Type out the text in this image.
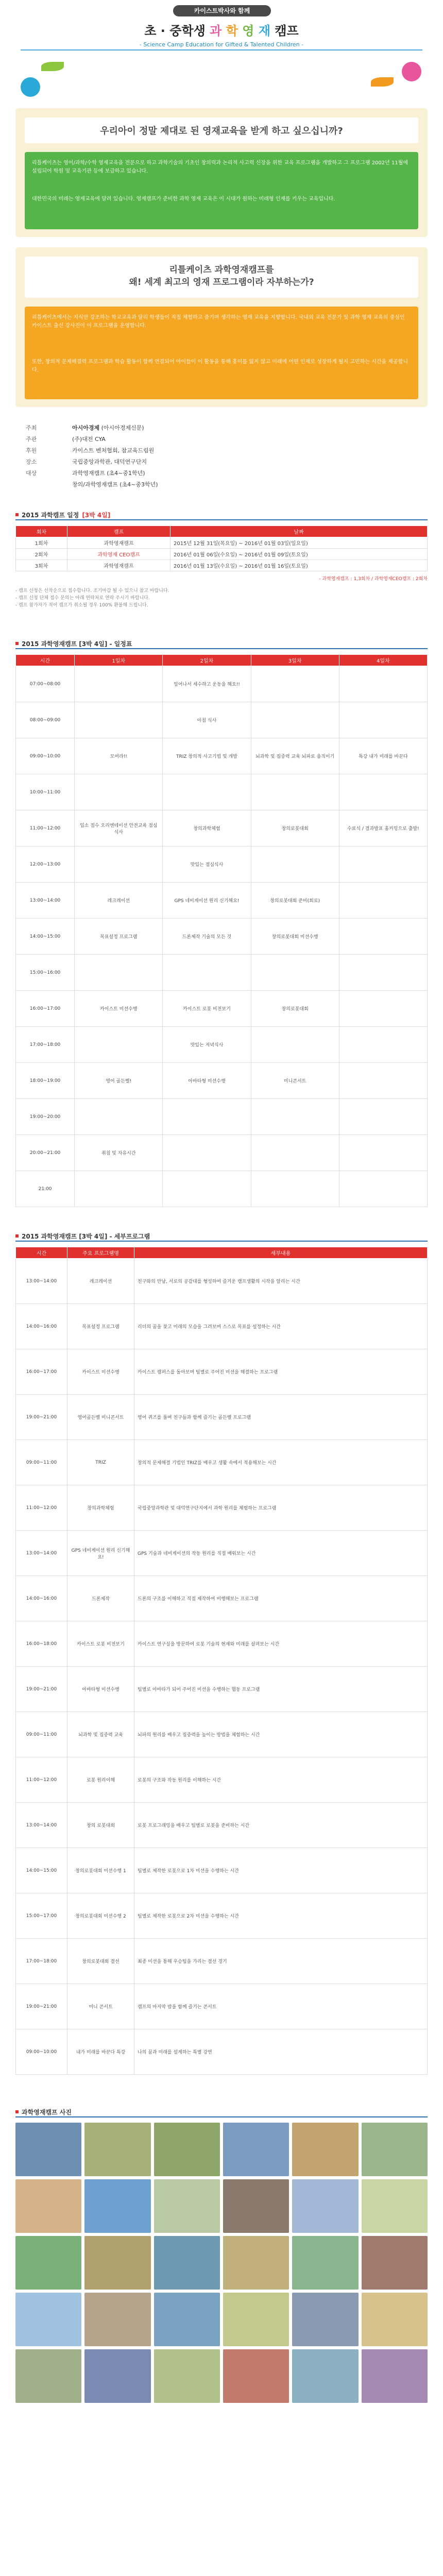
카이스트박사와 함께
초 · 중학생 과 학 영 재 캠프
- Science Camp Education for Gifted & Talented Children -
우리아이 정말 제대로 된 영재교육을 받게 하고 싶으십니까?
리틀케이츠는 영어/과학/수학 영재교육을 전문으로 하고 과학기술의 기초인 창의력과 논리적 사고력 신장을 위한 교육 프로그램을 개발하고 그 프로그램 2002년 11월에 설립되어 학원 및 교육기관 등에 보급하고 있습니다.
대한민국의 미래는 영재교육에 달려 있습니다. 영재캠프가 준비한 과학 영재 교육은 이 시대가 원하는 미래형 인재를 키우는 교육입니다.
리틀케이츠 과학영재캠프를
왜! 세계 최고의 영재 프로그램이라 자부하는가?
리틀케이츠에서는 지식만 강조하는 학교교육과 달리 학생들이 직접 체험하고 즐기며 생각하는 영재 교육을 지향합니다. 국내외 교육 전문가 및 과학 영재 교육의 중심인 카이스트 출신 강사진이 이 프로그램을 운영합니다.
또한, 창의적 문제해결력 프로그램과 학습 활동이 함께 연결되어 아이들이 이 활동을 통해 흥미를 잃지 않고 미래에 어떤 인재로 성장하게 될지 고민하는 시간을 제공합니다.
주최	아시아경제 (아시아경제신문)
주관	(주)대전 CYA
후원	카이스트 벤처협회, 참교육드림원
장소	국립중앙과학관, 대덕연구단지
대상	과학영재캠프 (초4~중1학년)
창의/과학영재캠프 (초4~중3학년)
2015 과학캠프 일정 [3박 4일]
회차	캠프	날짜
1회차	과학영재캠프	2015년 12월 31일(목요일) ~ 2016년 01월 03일(일요일)
2회차	과학영재 CEO캠프	2016년 01월 06일(수요일) ~ 2016년 01월 09일(토요일)
3회차	과학영재캠프	2016년 01월 13일(수요일) ~ 2016년 01월 16일(토요일)
- 과학영재캠프 : 1,3회차 / 과학영재CEO캠프 : 2회차
- 캠프 신청은 선착순으로 접수합니다. 조기마감 될 수 있으니 참고 바랍니다.
- 캠프 신청 단체 접수 문의는 아래 연락처로 연락 주시기 바랍니다.
- 캠프 참가자가 적어 캠프가 취소될 경우 100% 환불해 드립니다.
2015 과학영재캠프 [3박 4일] - 일정표
시간	1일차	2일차	3일차	4일차
07:00~08:00		일어나서 세수하고 운동을 해요!!		
08:00~09:00		아침 식사		
09:00~10:00	모여라!!	TRIZ 창의적 사고기법 및 개발	뇌과학 및 집중력 교육 뇌파로 움직이기	특강 내가 미래를 바꾼다
10:00~11:00				
11:00~12:00	입소 접수 오리엔테이션 안전교육 점심식사	창의과학체험	창의로봇대회	수료식 / 결과발표 홈커밍으로 출발!
12:00~13:00		맛있는 점심식사		
13:00~14:00	레크레이션	GPS 네비게이션 원리 신기해요!	창의로봇대회 준비(회로)	
14:00~15:00	목표설정 프로그램	드론제작 기술의 모든 것	창의로봇대회 미션수행	
15:00~16:00				
16:00~17:00	카이스트 미션수행	카이스트 로봇 비전보기	창의로봇대회	
17:00~18:00		맛있는 저녁식사		
18:00~19:00	영어 골든벨!	아바타형 미션수행	미니콘서트	
19:00~20:00				
20:00~21:00	취침 및 자유시간			
21:00				
2015 과학영재캠프 [3박 4일] - 세부프로그램
시간	주요 프로그램명	세부내용
13:00~14:00	레크레이션	친구와의 만남, 서로의 공감대를 형성하여 즐거운 캠프생활의 시작을 알리는 시간
14:00~16:00	목표설정 프로그램	리더의 꿈을 찾고 미래의 모습을 그려보며 스스로 목표를 설정하는 시간
16:00~17:00	카이스트 미션수행	카이스트 캠퍼스를 돌아보며 팀별로 주어진 미션을 해결하는 프로그램
19:00~21:00	영어골든벨 미니콘서트	영어 퀴즈를 풀며 친구들과 함께 즐기는 골든벨 프로그램
09:00~11:00	TRIZ	창의적 문제해결 기법인 TRIZ를 배우고 생활 속에서 적용해보는 시간
11:00~12:00	창의과학체험	국립중앙과학관 및 대덕연구단지에서 과학 원리를 체험하는 프로그램
13:00~14:00	GPS 네비게이션 원리 신기해요!	GPS 기술과 네비게이션의 작동 원리를 직접 배워보는 시간
14:00~16:00	드론제작	드론의 구조를 이해하고 직접 제작하여 비행해보는 프로그램
16:00~18:00	카이스트 로봇 비전보기	카이스트 연구실을 방문하여 로봇 기술의 현재와 미래를 살펴보는 시간
19:00~21:00	아바타형 미션수행	팀별로 아바타가 되어 주어진 미션을 수행하는 협동 프로그램
09:00~11:00	뇌과학 및 집중력 교육	뇌파의 원리를 배우고 집중력을 높이는 방법을 체험하는 시간
11:00~12:00	로봇 원리이해	로봇의 구조와 작동 원리를 이해하는 시간
13:00~14:00	창의 로봇대회	로봇 프로그래밍을 배우고 팀별로 로봇을 준비하는 시간
14:00~15:00	창의로봇대회 미션수행 1	팀별로 제작한 로봇으로 1차 미션을 수행하는 시간
15:00~17:00	창의로봇대회 미션수행 2	팀별로 제작한 로봇으로 2차 미션을 수행하는 시간
17:00~18:00	창의로봇대회 결선	최종 미션을 통해 우승팀을 가리는 결선 경기
19:00~21:00	미니 콘서트	캠프의 마지막 밤을 함께 즐기는 콘서트
09:00~10:00	내가 미래를 바꾼다 특강	나의 꿈과 미래를 설계하는 특별 강연
과학영재캠프 사진
